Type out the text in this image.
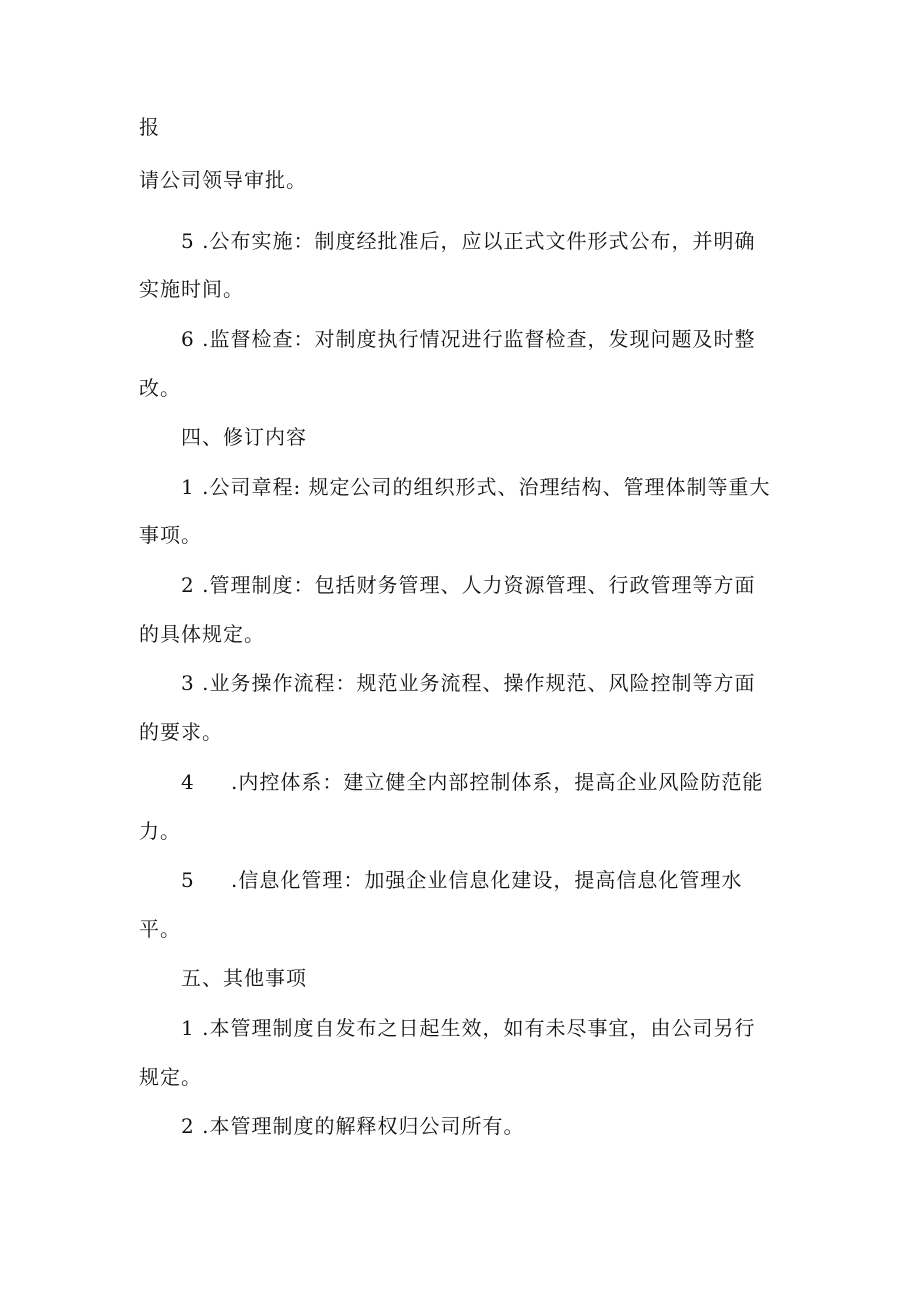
报
请公司领导审批。
5 .公布实施：制度经批准后，应以正式文件形式公布，并明确
实施时间。
6 .监督检查：对制度执行情况进行监督检查，发现问题及时整
改。
四、修订内容
1 .公司章程: 规定公司的组织形式、治理结构、管理体制等重大
事项。
2 .管理制度：包括财务管理、人力资源管理、行政管理等方面
的具体规定。
3 .业务操作流程：规范业务流程、操作规范、风险控制等方面
的要求。
4 .内控体系：建立健全内部控制体系，提高企业风险防范能
力。
5 .信息化管理：加强企业信息化建设，提高信息化管理水
平。
五、其他事项
1 .本管理制度自发布之日起生效，如有未尽事宜，由公司另行
规定。
2 .本管理制度的解释权归公司所有。
